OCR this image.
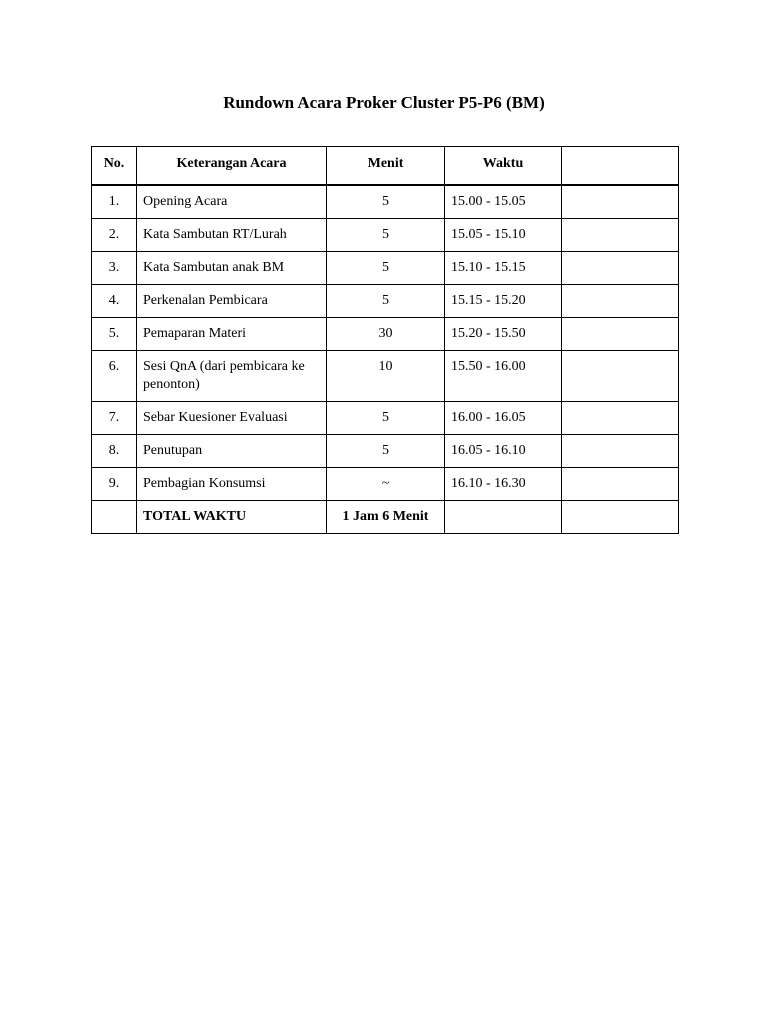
Rundown Acara Proker Cluster P5-P6 (BM)
No.	Keterangan Acara	Menit	Waktu	
1.	Opening Acara	5	15.00 - 15.05	
2.	Kata Sambutan RT/Lurah	5	15.05 - 15.10	
3.	Kata Sambutan anak BM	5	15.10 - 15.15	
4.	Perkenalan Pembicara	5	15.15 - 15.20	
5.	Pemaparan Materi	30	15.20 - 15.50	
6.	Sesi QnA (dari pembicara ke penonton)	10	15.50 - 16.00	
7.	Sebar Kuesioner Evaluasi	5	16.00 - 16.05	
8.	Penutupan	5	16.05 - 16.10	
9.	Pembagian Konsumsi	~	16.10 - 16.30	
	TOTAL WAKTU	1 Jam 6 Menit		
